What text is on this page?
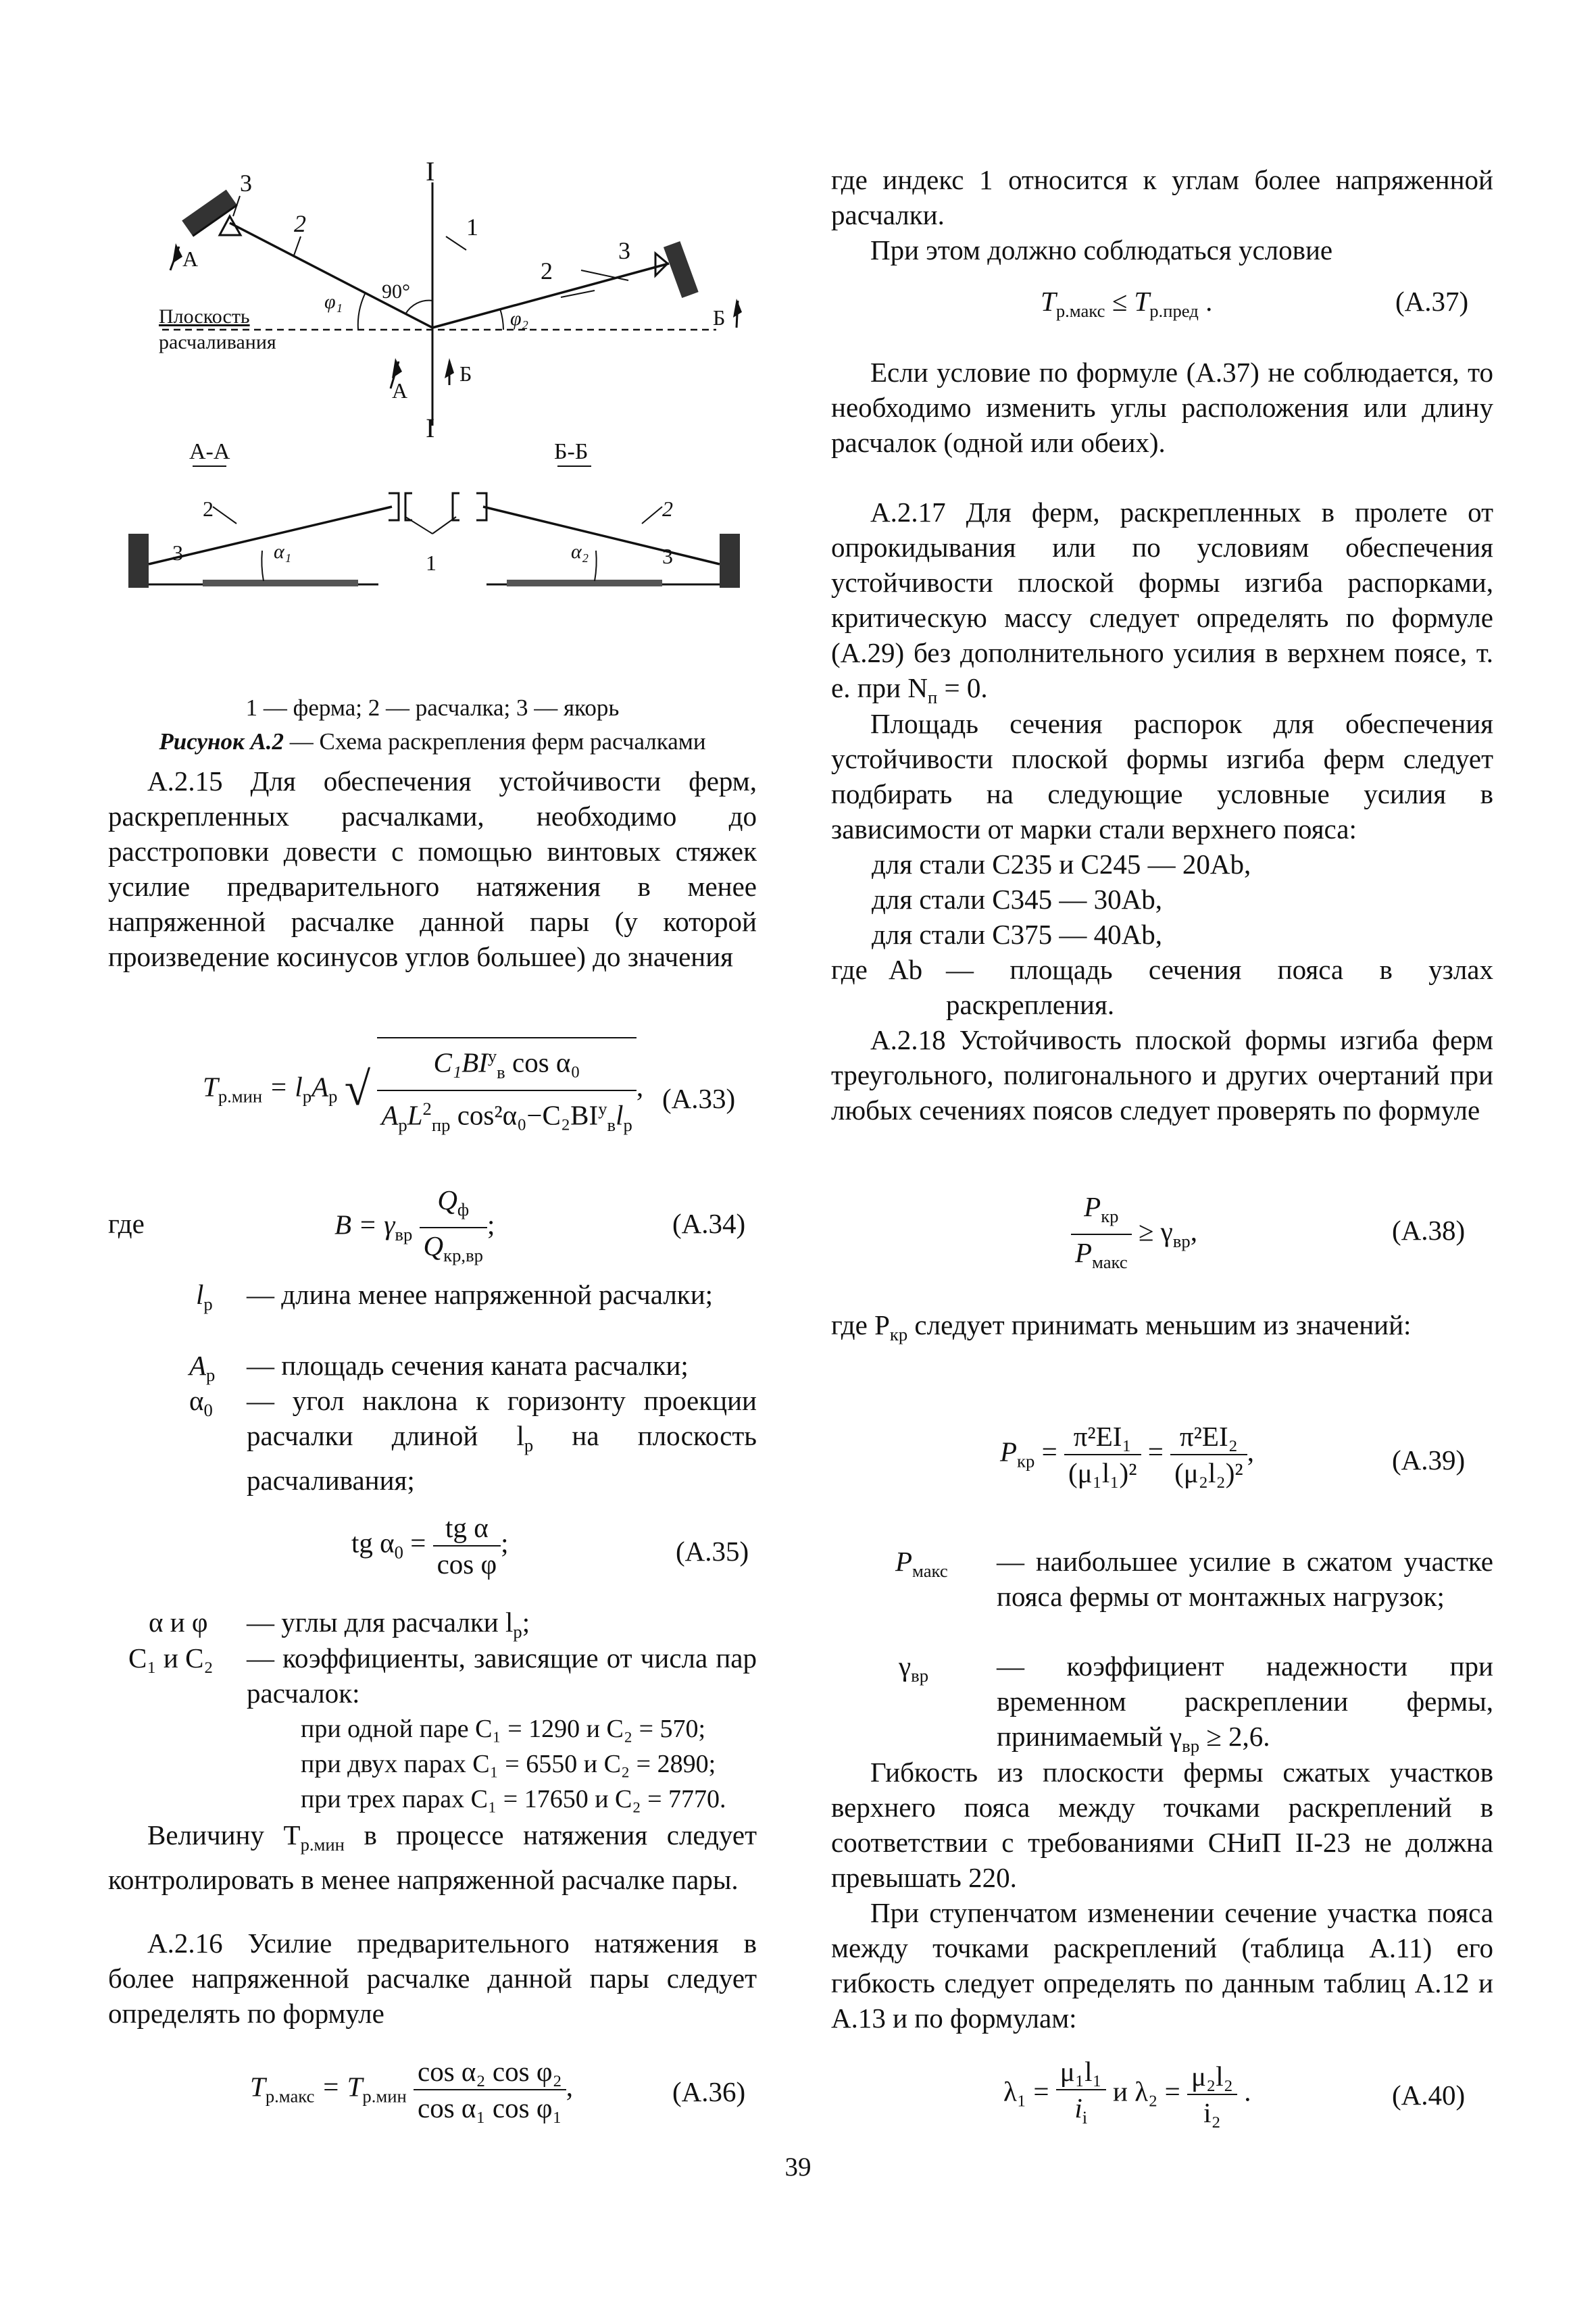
3
2
I
1
А
90°
φ₁
φ₂
3
2
Б
Плоскость
расчаливания
А
Б
I
А-А	Б-Б
2
3	α₁
2
α₂	3
1
1 — ферма; 2 — расчалка; 3 — якорь
Рисунок А.2 — Схема раскрепления ферм расчалками

А.2.15 Для обеспечения устойчивости ферм, раскрепленных расчалками, необходимо до расстроповки довести с помощью винтовых стяжек усилие предварительного натяжения в менее напряженной расчалке данной пары (у которой произведение косинусов углов большее) до значения

$T_{р.мин} = l_рA_р$ √ $\frac{C_1BI^у_в \cos \alpha_0}{A_рL^2_{пр} \cos^2\alpha_0-C_2BI^у_вl_р}$ , (А.33)
где	$B = \gamma_{вр} \frac{Q_ф}{Q_{кр,вр}}$ ;	(А.34)
$l_р$	— длина менее напряженной расчалки;
$A_р$	— площадь сечения каната расчалки;
$\alpha_0$	— угол наклона к горизонту проекции расчалки длиной $l_р$ на плоскость расчаливания;
tg $\alpha_0 = \frac{\text{tg α}}{\text{cos φ}}$ ;	(А.35)
α и φ	— углы для расчалки $l_р$;
C₁ и C₂	— коэффициенты, зависящие от числа пар расчалок:
при одной паре C₁ = 1290 и C₂ = 570;
при двух парах C₁ = 6550 и C₂ = 2890;
при трех парах C₁ = 17650 и C₂ = 7770.

Величину $T_{р.мин}$ в процессе натяжения следует контролировать в менее напряженной расчалке пары.

А.2.16 Усилие предварительного натяжения в более напряженной расчалке данной пары следует определять по формуле

$T_{р.макс} = T_{р.мин} \frac{\text{cos α₂ cos φ₂}}{\text{cos α₁ cos φ₁}}$ ,	(А.36)

где индекс 1 относится к углам более напряженной расчалки.

При этом должно соблюдаться условие

$T_{р.макс} \le T_{р.пред}$ .	(А.37)

Если условие по формуле (А.37) не соблюдается, то необходимо изменить углы расположения или длину расчалок (одной или обеих).

А.2.17 Для ферм, раскрепленных в пролете от опрокидывания или по условиям обеспечения устойчивости плоской формы изгиба распорками, критическую массу следует определять по формуле (А.29) без дополнительного усилия в верхнем поясе, т. е. при $N_п = 0$.

Площадь сечения распорок для обеспечения устойчивости плоской формы изгиба ферм следует подбирать на следующие условные усилия в зависимости от марки стали верхнего пояса:

для стали С235 и С245 — 20Аb,
для стали С345 — 30Аb,
для стали С375 — 40Аb,
где Аb — площадь сечения пояса в узлах раскрепления.

А.2.18 Устойчивость плоской формы изгиба ферм треугольного, полигонального и других очертаний при любых сечениях поясов следует проверять по формуле

$\frac{P_{кр}}{P_{макс}} \ge \gamma_{вр}$,	(А.38)

где $P_{кр}$ следует принимать меньшим из значений:

$P_{кр} = \frac{\text{π²EI₁}}{\text{(μ₁l₁)²}} = \frac{\text{π²EI₂}}{\text{(μ₂l₂)²}}$ ,	(А.39)
$P_{макс}$	— наибольшее усилие в сжатом участке пояса фермы от монтажных нагрузок;
$\gamma_{вр}$	— коэффициент надежности при временном раскреплении фермы, принимаемый $\gamma_{вр} \ge 2,6$.

Гибкость из плоскости фермы сжатых участков верхнего пояса между точками раскреплений в соответствии с требованиями СНиП II-23 не должна превышать 220.

При ступенчатом изменении сечение участка пояса между точками раскреплений (таблица А.11) его гибкость следует определять по данным таблиц А.12 и А.13 и по формулам:

$\lambda_1 = \frac{\text{μ₁l₁}}{i_i}$ и $\lambda_2 = \frac{\text{μ₂l₂}}{\text{i₂}}$ .	(А.40)
39
